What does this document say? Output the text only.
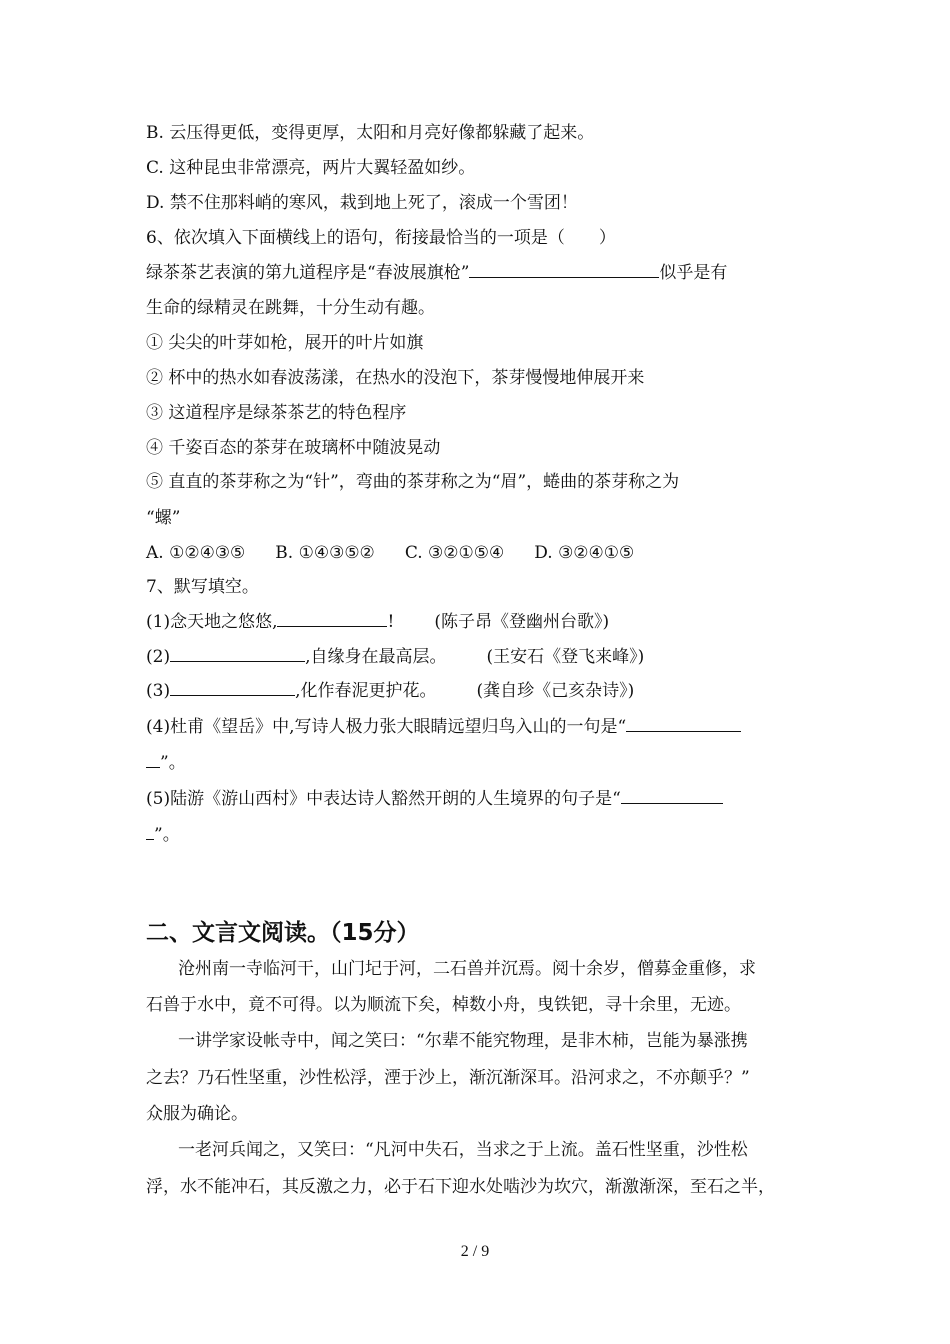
B. 云压得更低，变得更厚，太阳和月亮好像都躲藏了起来。
C. 这种昆虫非常漂亮，两片大翼轻盈如纱。
D. 禁不住那料峭的寒风，栽到地上死了，滚成一个雪团！
6、依次填入下面横线上的语句，衔接最恰当的一项是（　　）
绿茶茶艺表演的第九道程序是“春波展旗枪”	似乎是有
生命的绿精灵在跳舞，十分生动有趣。
① 尖尖的叶芽如枪，展开的叶片如旗
② 杯中的热水如春波荡漾，在热水的没泡下，茶芽慢慢地伸展开来
③ 这道程序是绿茶茶艺的特色程序
④ 千姿百态的茶芽在玻璃杯中随波晃动
⑤ 直直的茶芽称之为“针”，弯曲的茶芽称之为“眉”，蜷曲的茶芽称之为
“螺”
A. ①②④③⑤ B. ①④③⑤② C. ③②①⑤④ D. ③②④①⑤
7、默写填空。
(1)念天地之悠悠,	! (陈子昂《登幽州台歌》)
(2)	,自缘身在最高层。 (王安石《登飞来峰》)
(3)	,化作春泥更护花。 (龚自珍《己亥杂诗》)
(4)杜甫《望岳》中,写诗人极力张大眼睛远望归鸟入山的一句是“
”。
(5)陆游《游山西村》中表达诗人豁然开朗的人生境界的句子是“
”。
二、文言文阅读。（15分）
沧州南一寺临河干，山门圮于河，二石兽并沉焉。阅十余岁，僧募金重修，求
石兽于水中，竟不可得。以为顺流下矣，棹数小舟，曳铁钯，寻十余里，无迹。
一讲学家设帐寺中，闻之笑曰：“尔辈不能究物理，是非木柿，岂能为暴涨携
之去？乃石性坚重，沙性松浮，湮于沙上，渐沉渐深耳。沿河求之，不亦颠乎？”
众服为确论。
一老河兵闻之，又笑曰：“凡河中失石，当求之于上流。盖石性坚重，沙性松
浮，水不能冲石，其反激之力，必于石下迎水处啮沙为坎穴，渐激渐深，至石之半，
2 / 9
